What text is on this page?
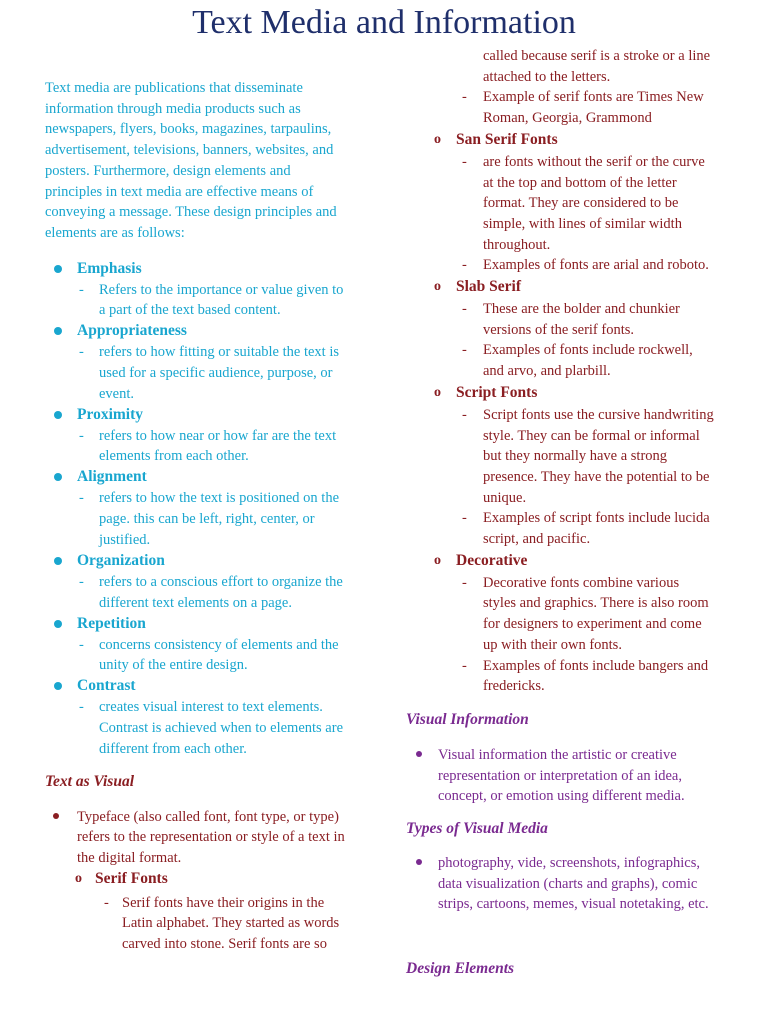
Text Media and Information
Text media are publications that disseminate
information through media products such as
newspapers, flyers, books, magazines, tarpaulins,
advertisement, televisions, banners, websites, and
posters. Furthermore, design elements and
principles in text media are effective means of
conveying a message. These design principles and
elements are as follows:
Emphasis
- Refers to the importance or value given to
a part of the text based content.
Appropriateness
- refers to how fitting or suitable the text is
used for a specific audience, purpose, or
event.
Proximity
- refers to how near or how far are the text
elements from each other.
Alignment
- refers to how the text is positioned on the
page. this can be left, right, center, or
justified.
Organization
- refers to a conscious effort to organize the
different text elements on a page.
Repetition
- concerns consistency of elements and the
unity of the entire design.
Contrast
- creates visual interest to text elements.
Contrast is achieved when to elements are
different from each other.
Text as Visual
Typeface (also called font, font type, or type)
refers to the representation or style of a text in
the digital format.
o Serif Fonts
- Serif fonts have their origins in the
Latin alphabet. They started as words
carved into stone. Serif fonts are so
called because serif is a stroke or a line
attached to the letters.
- Example of serif fonts are Times New
Roman, Georgia, Grammond
o San Serif Fonts
- are fonts without the serif or the curve
at the top and bottom of the letter
format. They are considered to be
simple, with lines of similar width
throughout.
- Examples of fonts are arial and roboto.
o Slab Serif
- These are the bolder and chunkier
versions of the serif fonts.
- Examples of fonts include rockwell,
and arvo, and plarbill.
o Script Fonts
- Script fonts use the cursive handwriting
style. They can be formal or informal
but they normally have a strong
presence. They have the potential to be
unique.
- Examples of script fonts include lucida
script, and pacific.
o Decorative
- Decorative fonts combine various
styles and graphics. There is also room
for designers to experiment and come
up with their own fonts.
- Examples of fonts include bangers and
fredericks.
Visual Information
Visual information the artistic or creative
representation or interpretation of an idea,
concept, or emotion using different media.
Types of Visual Media
photography, vide, screenshots, infographics,
data visualization (charts and graphs), comic
strips, cartoons, memes, visual notetaking, etc.
Design Elements
